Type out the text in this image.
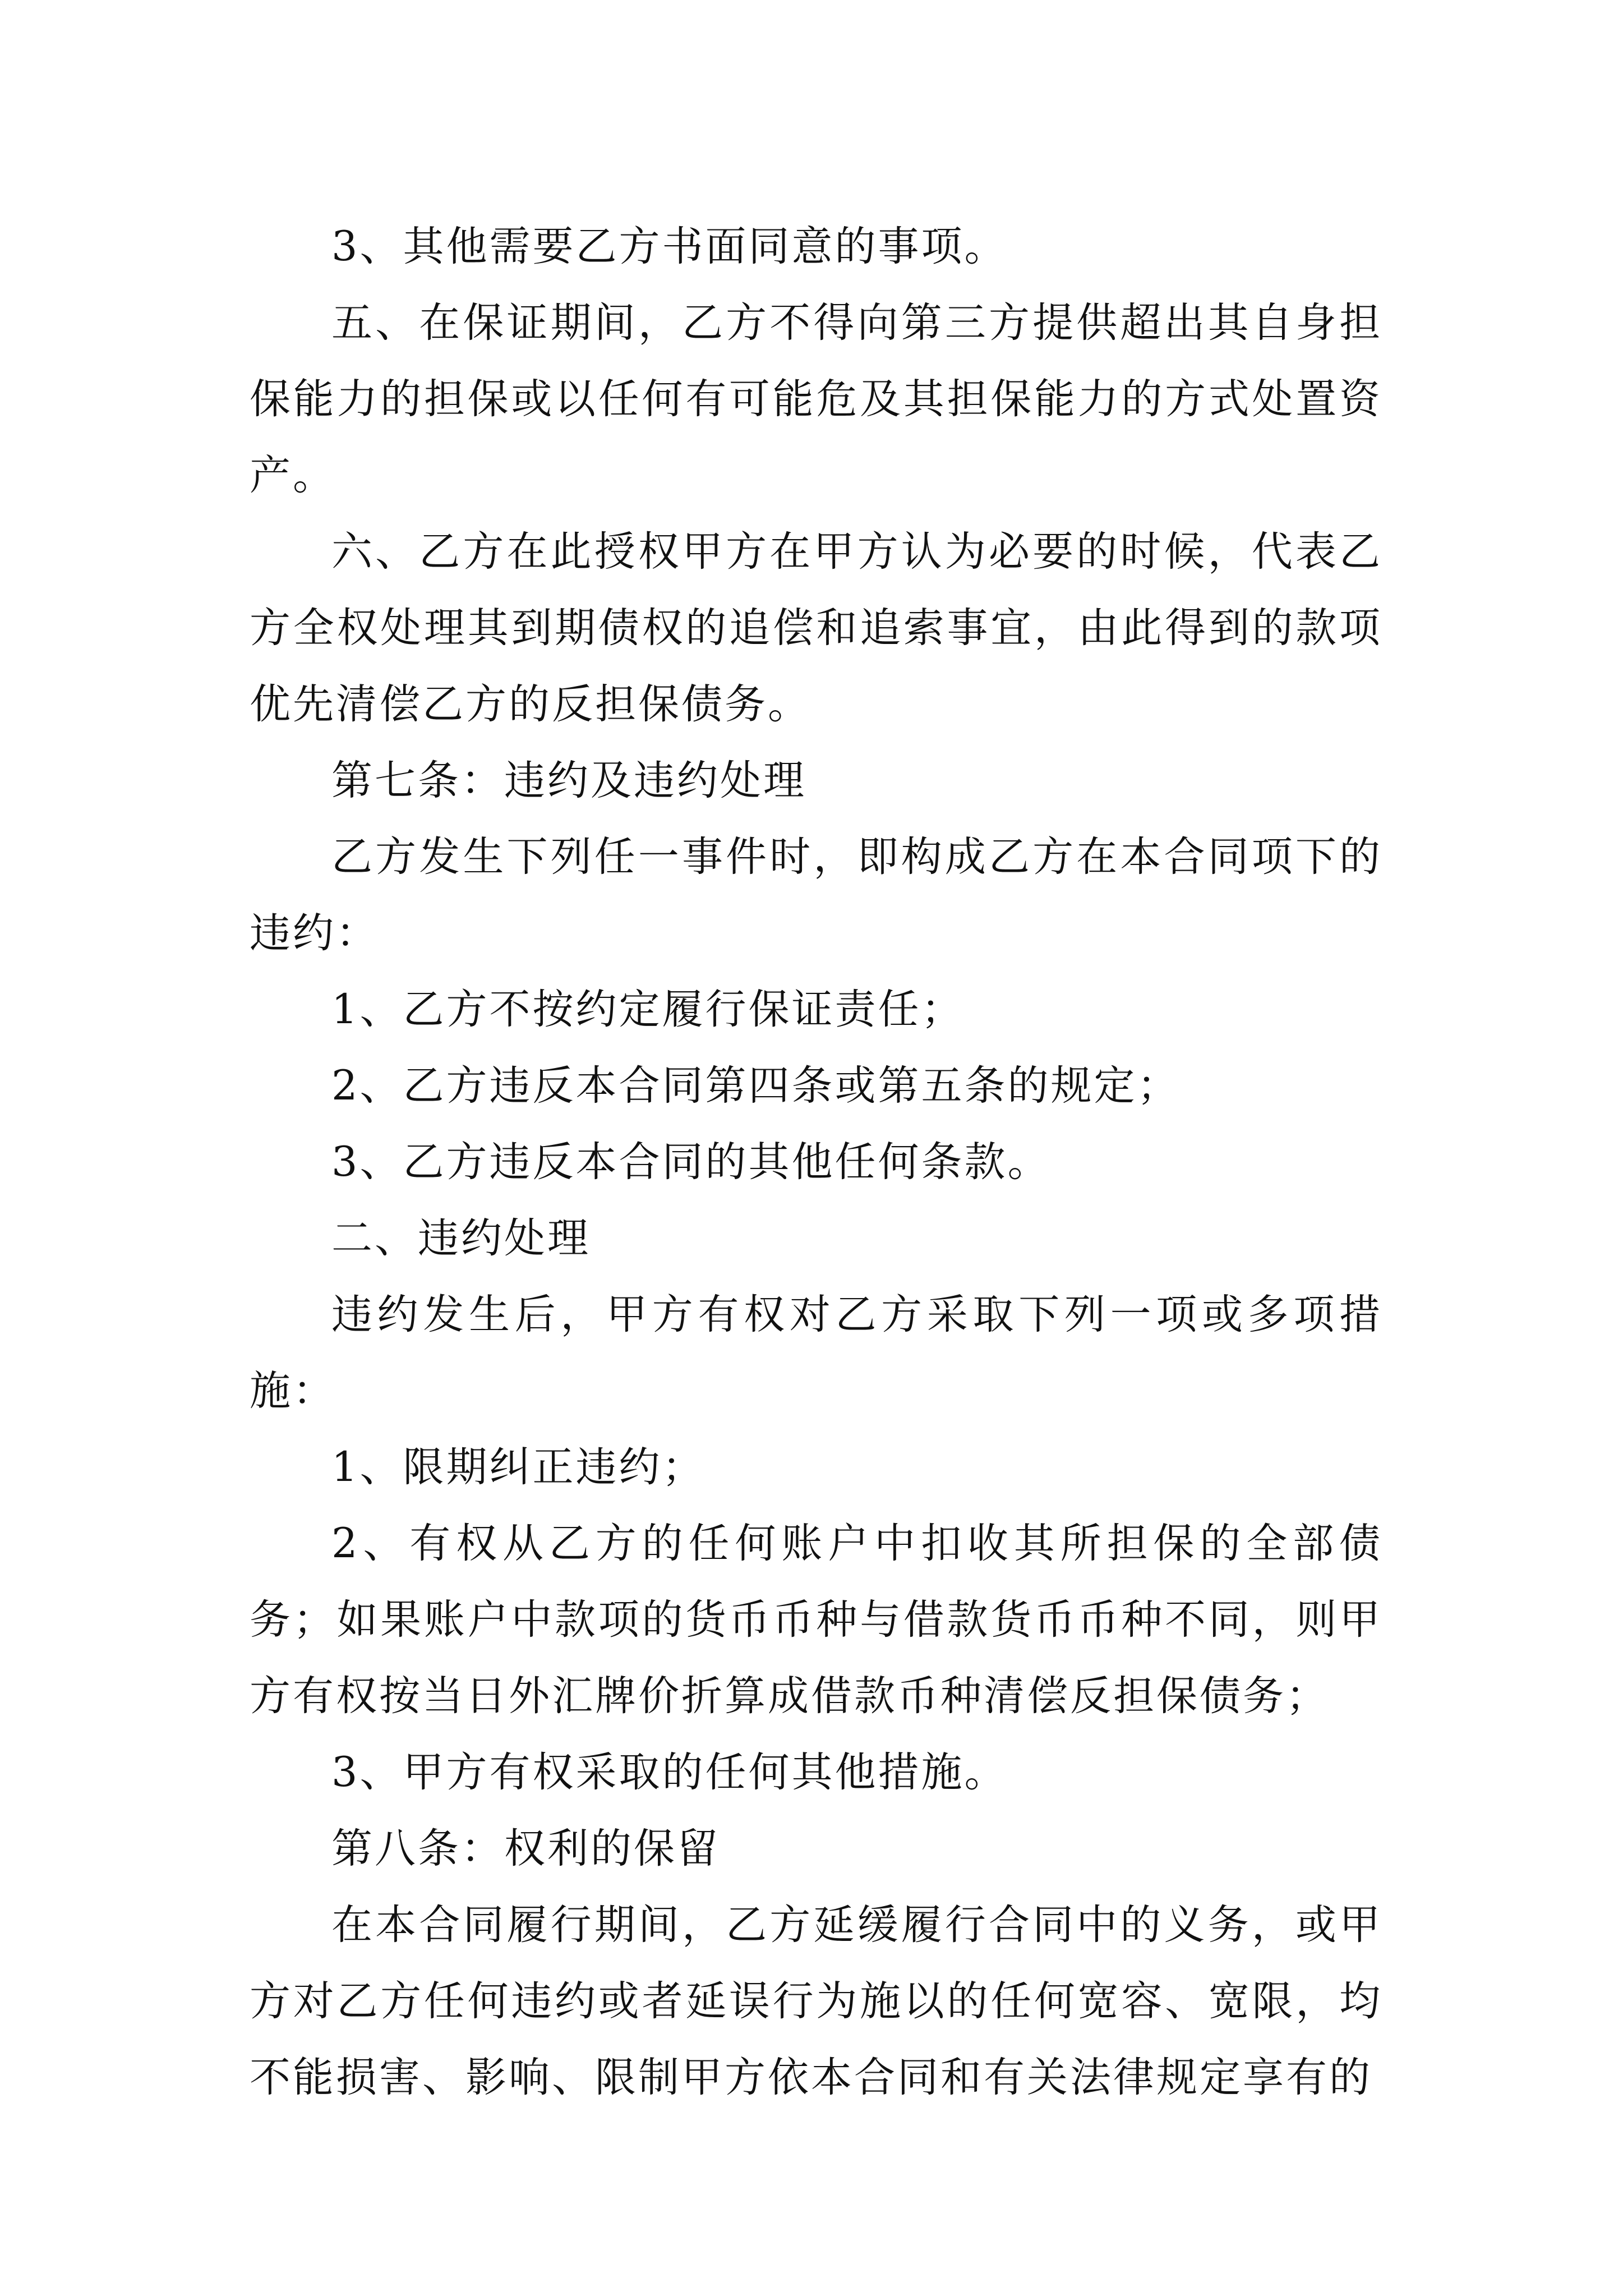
3、其他需要乙方书面同意的事项。

五、在保证期间，乙方不得向第三方提供超出其自身担保能力的担保或以任何有可能危及其担保能力的方式处置资产。

六、乙方在此授权甲方在甲方认为必要的时候，代表乙方全权处理其到期债权的追偿和追索事宜，由此得到的款项优先清偿乙方的反担保债务。

第七条：违约及违约处理

乙方发生下列任一事件时，即构成乙方在本合同项下的违约：

1、乙方不按约定履行保证责任；

2、乙方违反本合同第四条或第五条的规定；

3、乙方违反本合同的其他任何条款。

二、违约处理

违约发生后，甲方有权对乙方采取下列一项或多项措施：

1、限期纠正违约；

2、有权从乙方的任何账户中扣收其所担保的全部债务；如果账户中款项的货币币种与借款货币币种不同，则甲方有权按当日外汇牌价折算成借款币种清偿反担保债务；

3、甲方有权采取的任何其他措施。

第八条：权利的保留

在本合同履行期间，乙方延缓履行合同中的义务，或甲方对乙方任何违约或者延误行为施以的任何宽容、宽限，均不能损害、影响、限制甲方依本合同和有关法律规定享有的
